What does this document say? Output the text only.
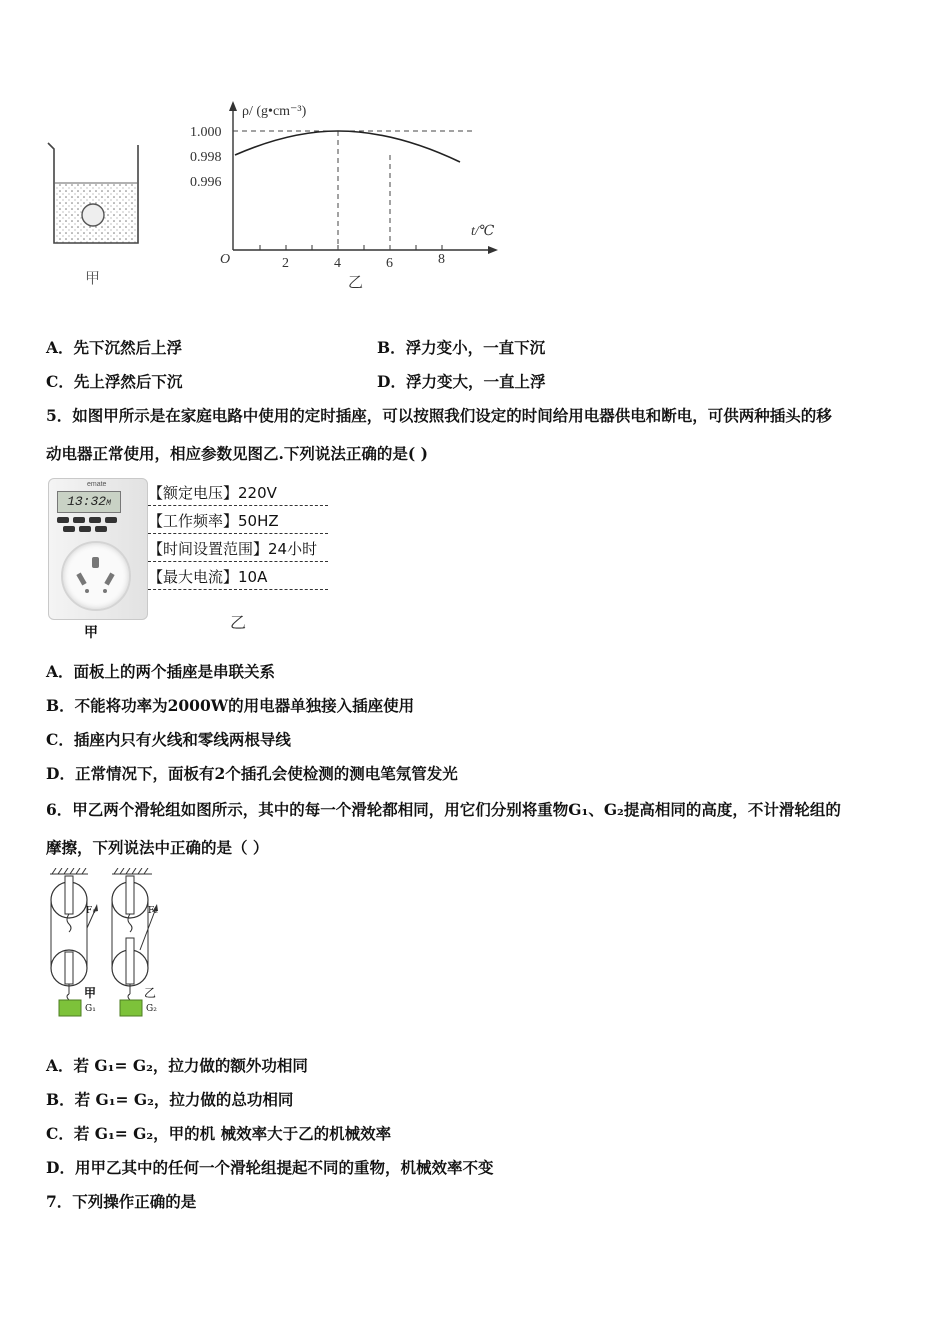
甲
1.000
0.998
0.996
2	4	6	8
O
ρ/ (g•cm⁻³)
t/℃
乙
A．先下沉然后上浮	B．浮力变小，一直下沉
C．先上浮然后下沉	D．浮力变大，一直上浮
5．如图甲所示是在家庭电路中使用的定时插座，可以按照我们设定的时间给用电器供电和断电，可供两种插头的移
动电器正常使用，相应参数见图乙.下列说法正确的是( )
emate
13:32M
甲
【额定电压】220V
【工作频率】50HZ
【时间设置范围】24小时
【最大电流】10A
乙
A．面板上的两个插座是串联关系
B．不能将功率为2000W的用电器单独接入插座使用
C．插座内只有火线和零线两根导线
D．正常情况下，面板有2个插孔会使检测的测电笔氖管发光
6．甲乙两个滑轮组如图所示，其中的每一个滑轮都相同，用它们分别将重物G₁、G₂提高相同的高度，不计滑轮组的
摩擦，下列说法中正确的是（ ）
F₁	F₂
甲	乙
G₁	G₂
A．若 G₁= G₂，拉力做的额外功相同
B．若 G₁= G₂，拉力做的总功相同
C．若 G₁= G₂，甲的机 械效率大于乙的机械效率
D．用甲乙其中的任何一个滑轮组提起不同的重物，机械效率不变
7．下列操作正确的是
